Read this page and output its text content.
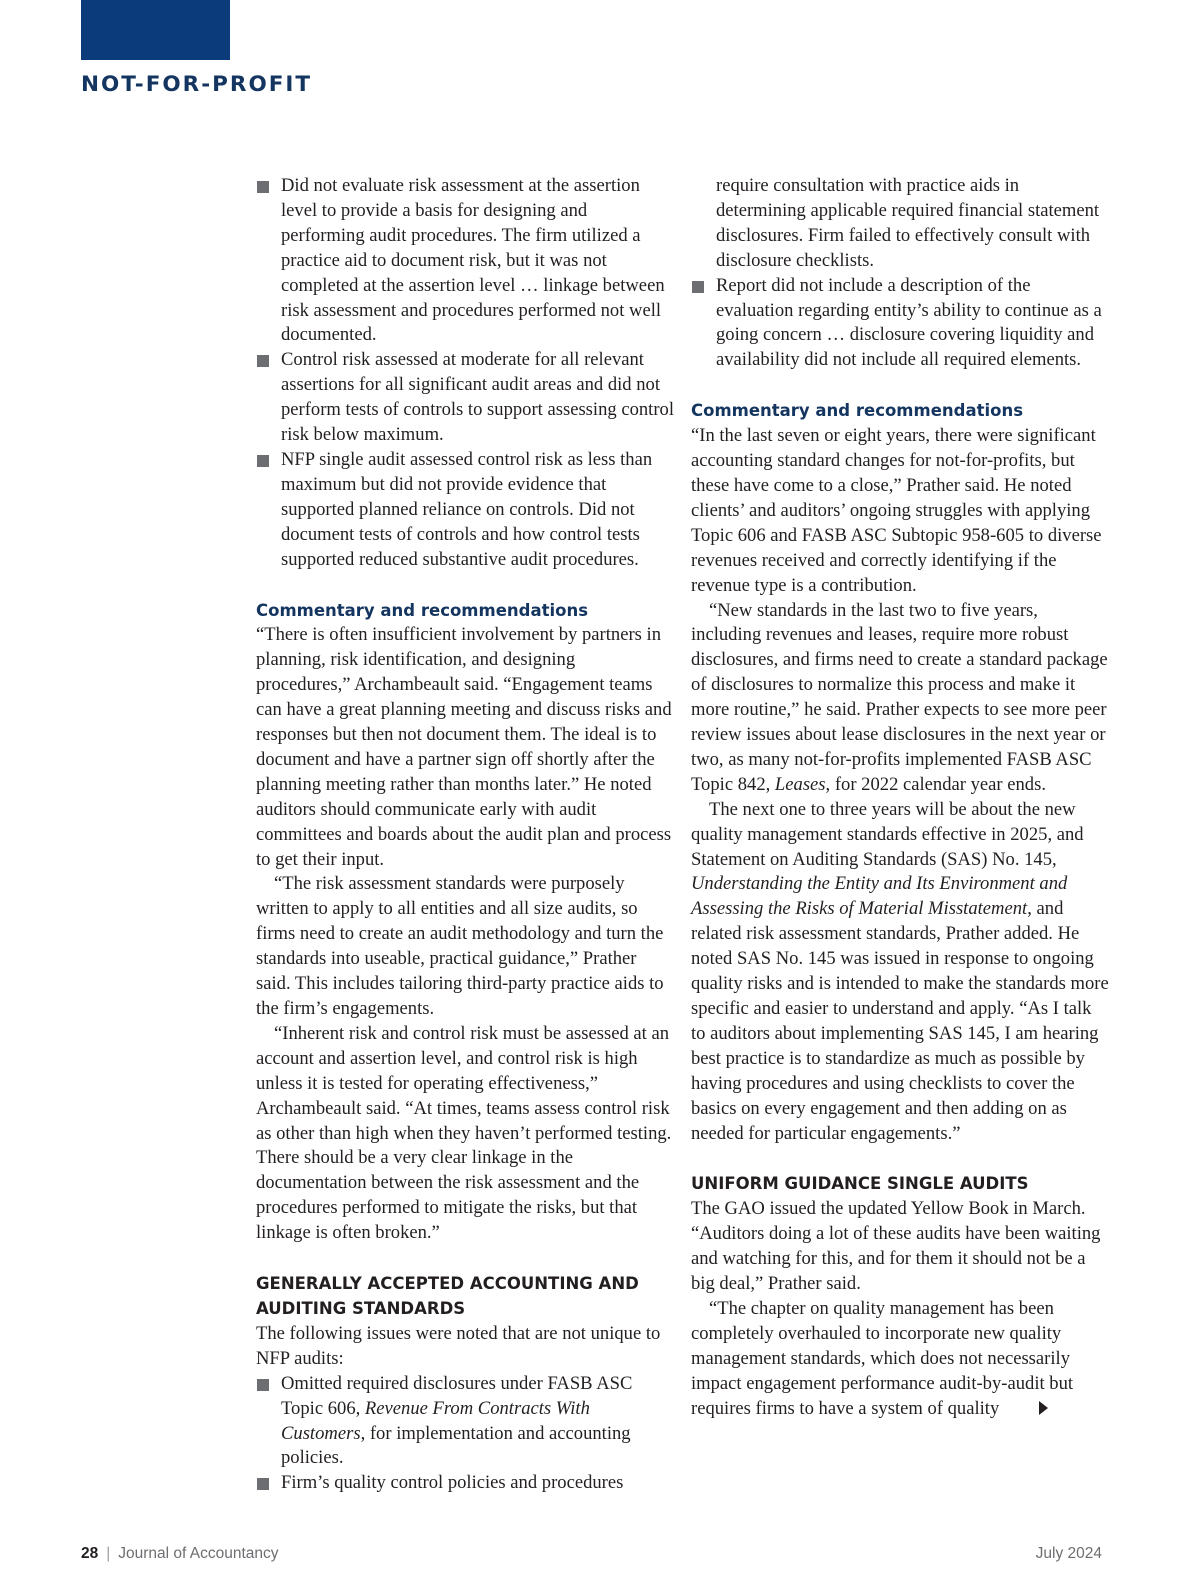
NOT-FOR-PROFIT
Did not evaluate risk assessment at the assertion level to provide a basis for designing and performing audit procedures. The firm utilized a practice aid to document risk, but it was not completed at the assertion level … linkage between risk assessment and procedures performed not well documented.
Control risk assessed at moderate for all relevant assertions for all significant audit areas and did not perform tests of controls to support assessing control risk below maximum.
NFP single audit assessed control risk as less than maximum but did not provide evidence that supported planned reliance on controls. Did not document tests of controls and how control tests supported reduced substantive audit procedures.
Commentary and recommendations

“There is often insufficient involvement by partners in planning, risk identification, and designing procedures,” Archambeault said. “Engagement teams can have a great planning meeting and discuss risks and responses but then not document them. The ideal is to document and have a partner sign off shortly after the planning meeting rather than months later.” He noted auditors should communicate early with audit committees and boards about the audit plan and process to get their input.

“The risk assessment standards were purposely written to apply to all entities and all size audits, so firms need to create an audit methodology and turn the standards into useable, practical guidance,” Prather said. This includes tailoring third-party practice aids to the firm’s engagements.

“Inherent risk and control risk must be assessed at an account and assertion level, and control risk is high unless it is tested for operating effectiveness,” Archambeault said. “At times, teams assess control risk as other than high when they haven’t performed testing. There should be a very clear linkage in the documentation between the risk assessment and the procedures performed to mitigate the risks, but that linkage is often broken.”

GENERALLY ACCEPTED ACCOUNTING AND AUDITING STANDARDS

The following issues were noted that are not unique to NFP audits:

Omitted required disclosures under FASB ASC Topic 606, Revenue From Contracts With Customers, for implementation and accounting policies.
Firm’s quality control policies and procedures
require consultation with practice aids in determining applicable required financial statement disclosures. Firm failed to effectively consult with disclosure checklists.
Report did not include a description of the evaluation regarding entity’s ability to continue as a going concern … disclosure covering liquidity and availability did not include all required elements.
Commentary and recommendations

“In the last seven or eight years, there were significant accounting standard changes for not-for-profits, but these have come to a close,” Prather said. He noted clients’ and auditors’ ongoing struggles with applying Topic 606 and FASB ASC Subtopic 958-605 to diverse revenues received and correctly identifying if the revenue type is a contribution.

“New standards in the last two to five years, including revenues and leases, require more robust disclosures, and firms need to create a standard package of disclosures to normalize this process and make it more routine,” he said. Prather expects to see more peer review issues about lease disclosures in the next year or two, as many not-for-profits implemented FASB ASC Topic 842, Leases, for 2022 calendar year ends.

The next one to three years will be about the new quality management standards effective in 2025, and Statement on Auditing Standards (SAS) No. 145, Understanding the Entity and Its Environment and Assessing the Risks of Material Misstatement, and related risk assessment standards, Prather added. He noted SAS No. 145 was issued in response to ongoing quality risks and is intended to make the standards more specific and easier to understand and apply. “As I talk to auditors about implementing SAS 145, I am hearing best practice is to standardize as much as possible by having procedures and using checklists to cover the basics on every engagement and then adding on as needed for particular engagements.”

UNIFORM GUIDANCE SINGLE AUDITS

The GAO issued the updated Yellow Book in March. “Auditors doing a lot of these audits have been waiting and watching for this, and for them it should not be a big deal,” Prather said.

“The chapter on quality management has been completely overhauled to incorporate new quality management standards, which does not necessarily impact engagement performance audit-by-audit but requires firms to have a system of quality

28 | Journal of Accountancy	July 2024
